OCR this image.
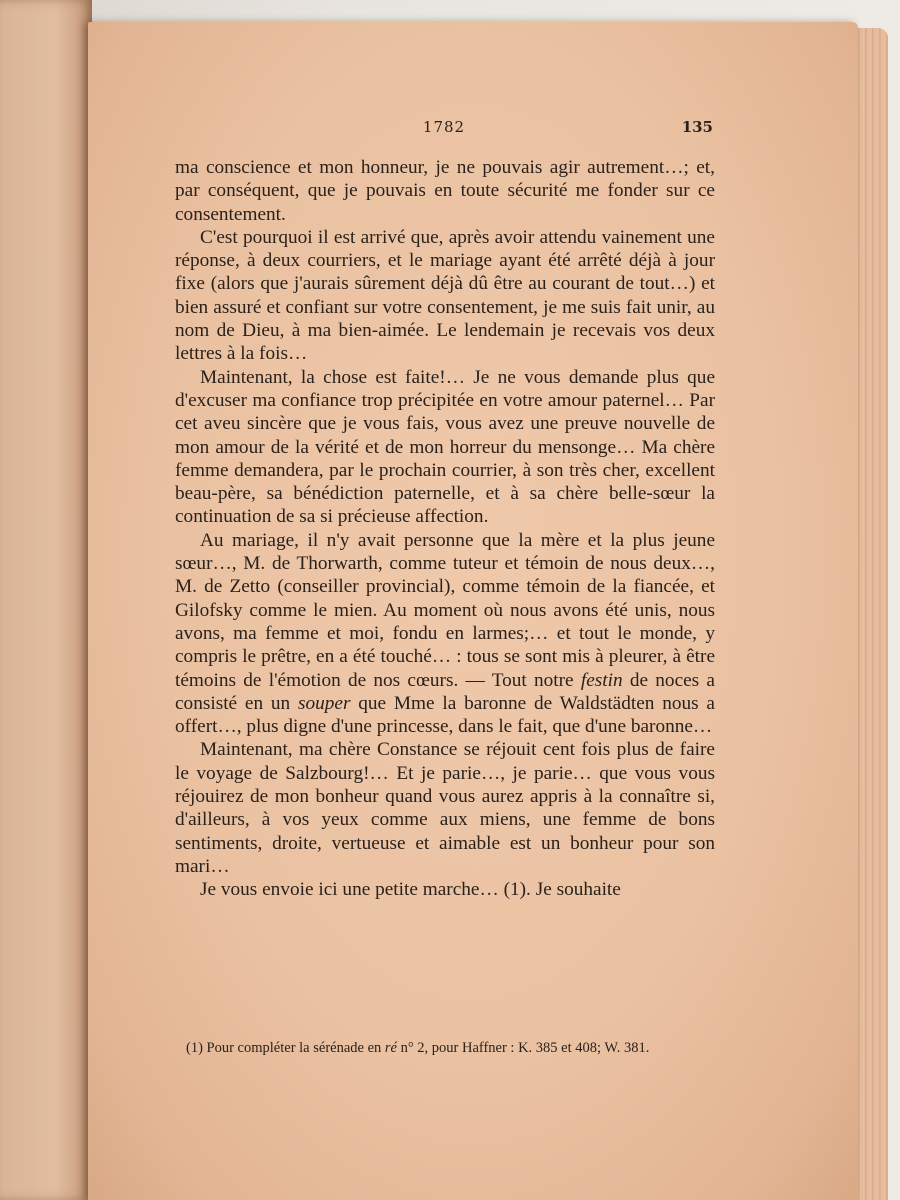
1782	135

ma conscience et mon honneur, je ne pouvais agir autrement…; et, par conséquent, que je pouvais en toute sécurité me fonder sur ce consentement.

C'est pourquoi il est arrivé que, après avoir attendu vainement une réponse, à deux courriers, et le mariage ayant été arrêté déjà à jour fixe (alors que j'aurais sûrement déjà dû être au courant de tout…) et bien assuré et confiant sur votre consentement, je me suis fait unir, au nom de Dieu, à ma bien-aimée. Le lendemain je recevais vos deux lettres à la fois…

Maintenant, la chose est faite!… Je ne vous demande plus que d'excuser ma confiance trop précipitée en votre amour paternel… Par cet aveu sincère que je vous fais, vous avez une preuve nouvelle de mon amour de la vérité et de mon horreur du mensonge… Ma chère femme demandera, par le prochain courrier, à son très cher, excellent beau-père, sa bénédiction paternelle, et à sa chère belle-sœur la continuation de sa si précieuse affection.

Au mariage, il n'y avait personne que la mère et la plus jeune sœur…, M. de Thorwarth, comme tuteur et témoin de nous deux…, M. de Zetto (conseiller provincial), comme témoin de la fiancée, et Gilofsky comme le mien. Au moment où nous avons été unis, nous avons, ma femme et moi, fondu en larmes;… et tout le monde, y compris le prêtre, en a été touché… : tous se sont mis à pleurer, à être témoins de l'émotion de nos cœurs. — Tout notre festin de noces a consisté en un souper que Mme la baronne de Waldstädten nous a offert…, plus digne d'une princesse, dans le fait, que d'une baronne…

Maintenant, ma chère Constance se réjouit cent fois plus de faire le voyage de Salzbourg!… Et je parie…, je parie… que vous vous réjouirez de mon bonheur quand vous aurez appris à la connaître si, d'ailleurs, à vos yeux comme aux miens, une femme de bons sentiments, droite, vertueuse et aimable est un bonheur pour son mari…

Je vous envoie ici une petite marche… (1). Je souhaite

(1) Pour compléter la sérénade en ré n° 2, pour Haffner : K. 385 et 408; W. 381.
